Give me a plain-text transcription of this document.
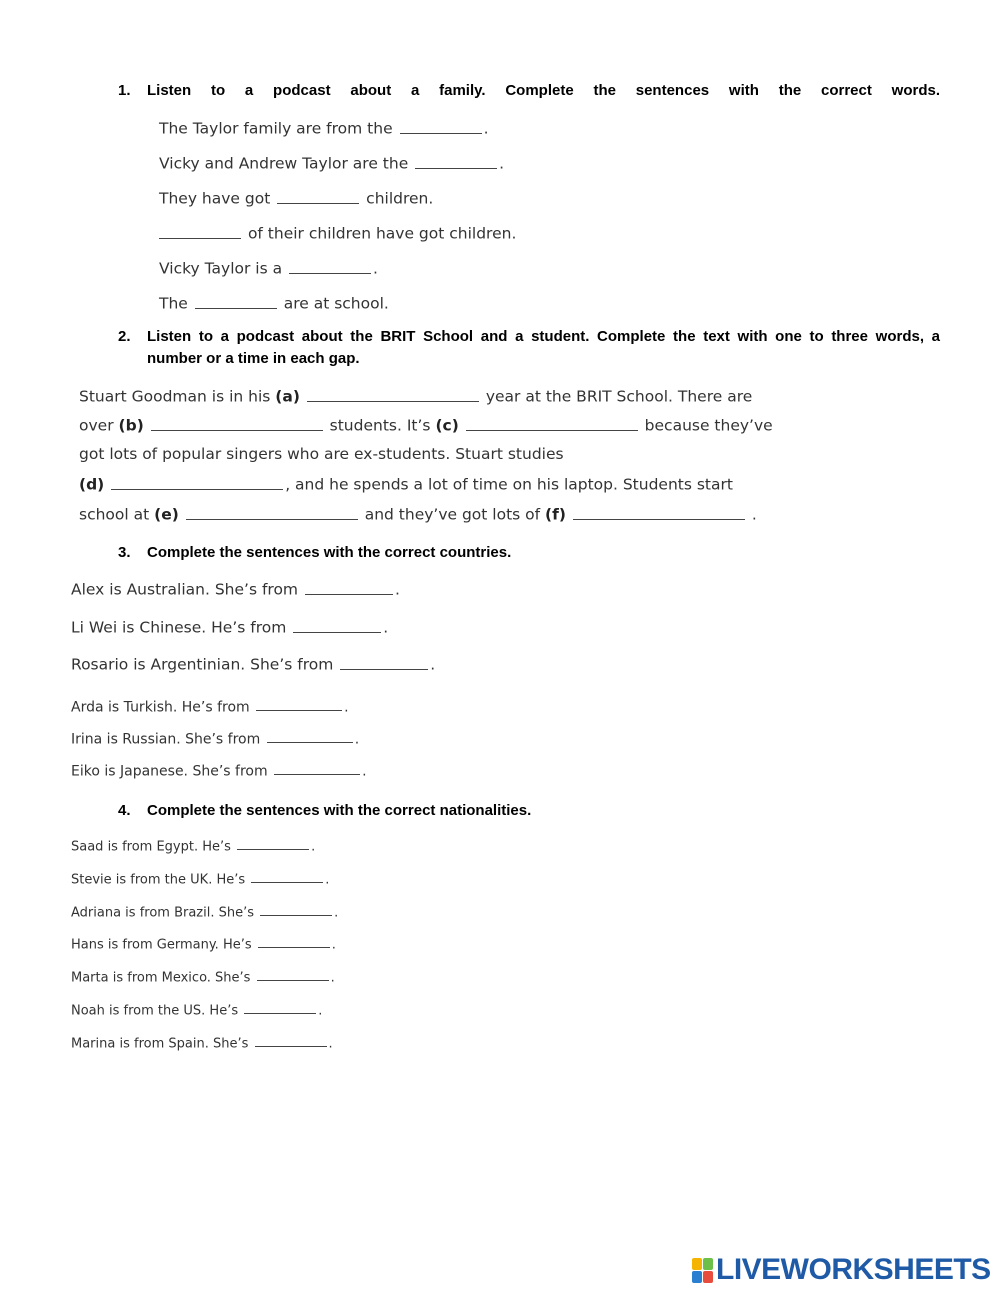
1. Listen to a podcast about a family. Complete the sentences with the correct words.
The Taylor family are from the	.
Vicky and Andrew Taylor are the	.
They have got	children.
of their children have got children.
Vicky Taylor is a	.
The	are at school.
2. Listen to a podcast about the BRIT School and a student. Complete the text with one to three words, a
number or a time in each gap.
Stuart Goodman is in his (a)	year at the BRIT School. There are
over (b)	students. It’s (c)	because they’ve
got lots of popular singers who are ex-students. Stuart studies
(d)	, and he spends a lot of time on his laptop. Students start
school at (e)	and they’ve got lots of (f)	.
3. Complete the sentences with the correct countries.
Alex is Australian. She’s from	.
Li Wei is Chinese. He’s from	.
Rosario is Argentinian. She’s from	.
Arda is Turkish. He’s from	.
Irina is Russian. She’s from	.
Eiko is Japanese. She’s from	.
4. Complete the sentences with the correct nationalities.
Saad is from Egypt. He’s	.
Stevie is from the UK. He’s	.
Adriana is from Brazil. She’s	.
Hans is from Germany. He’s	.
Marta is from Mexico. She’s	.
Noah is from the US. He’s	.
Marina is from Spain. She’s	.
LIVEWORKSHEETS
